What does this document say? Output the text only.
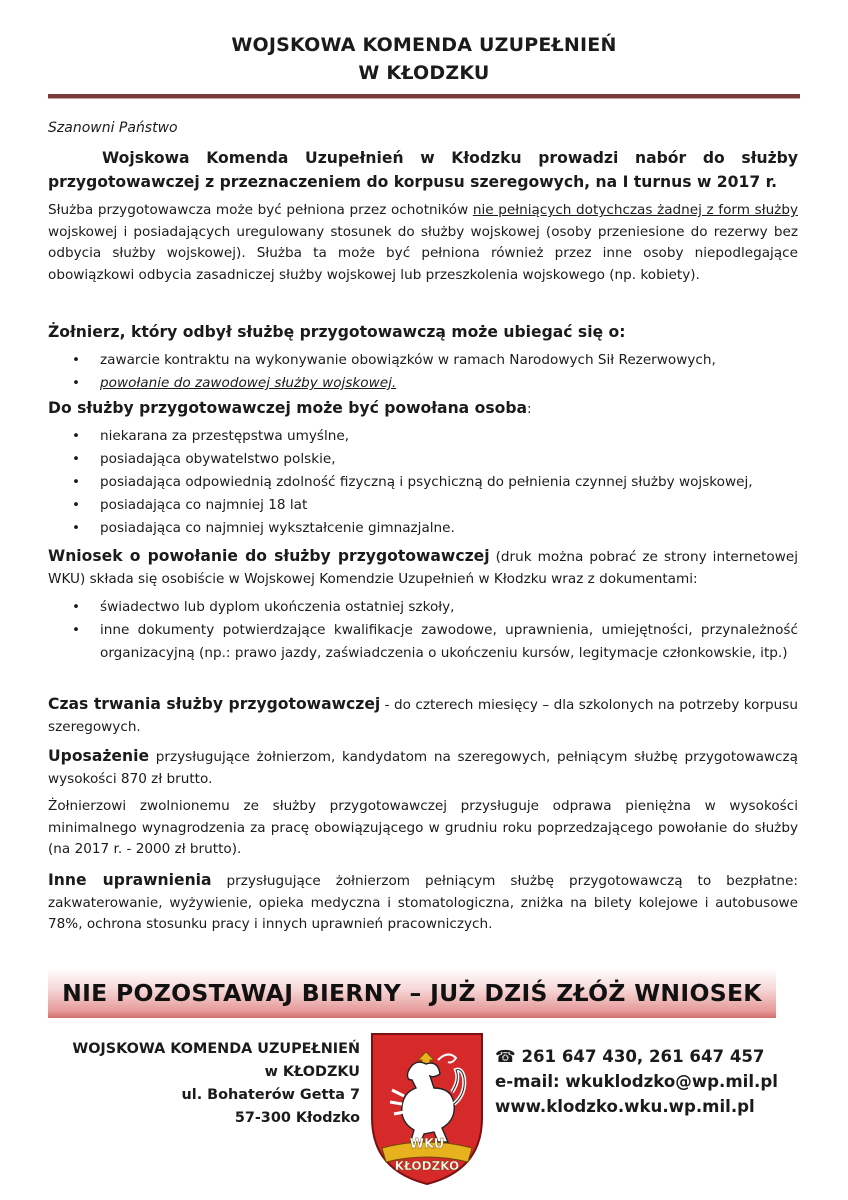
WOJSKOWA KOMENDA UZUPEŁNIEŃ
W KŁODZKU
Szanowni Państwo
Wojskowa Komenda Uzupełnień w Kłodzku prowadzi nabór do służby przygotowawczej z przeznaczeniem do korpusu szeregowych, na I turnus w 2017 r.
Służba przygotowawcza może być pełniona przez ochotników nie pełniących dotychczas żadnej z form służby wojskowej i posiadających uregulowany stosunek do służby wojskowej (osoby przeniesione do rezerwy bez odbycia służby wojskowej). Służba ta może być pełniona również przez inne osoby niepodlegające obowiązkowi odbycia zasadniczej służby wojskowej lub przeszkolenia wojskowego (np. kobiety).
Żołnierz, który odbył służbę przygotowawczą może ubiegać się o:
• zawarcie kontraktu na wykonywanie obowiązków w ramach Narodowych Sił Rezerwowych,
• powołanie do zawodowej służby wojskowej.
Do służby przygotowawczej może być powołana osoba:
• niekarana za przestępstwa umyślne,
• posiadająca obywatelstwo polskie,
• posiadająca odpowiednią zdolność fizyczną i psychiczną do pełnienia czynnej służby wojskowej,
• posiadająca co najmniej 18 lat
• posiadająca co najmniej wykształcenie gimnazjalne.
Wniosek o powołanie do służby przygotowawczej (druk można pobrać ze strony internetowej WKU) składa się osobiście w Wojskowej Komendzie Uzupełnień w Kłodzku wraz z dokumentami:
• świadectwo lub dyplom ukończenia ostatniej szkoły,
• inne dokumenty potwierdzające kwalifikacje zawodowe, uprawnienia, umiejętności, przynależność organizacyjną (np.: prawo jazdy, zaświadczenia o ukończeniu kursów, legitymacje członkowskie, itp.)
Czas trwania służby przygotowawczej - do czterech miesięcy – dla szkolonych na potrzeby korpusu szeregowych.
Uposażenie przysługujące żołnierzom, kandydatom na szeregowych, pełniącym służbę przygotowawczą wysokości 870 zł brutto.
Żołnierzowi zwolnionemu ze służby przygotowawczej przysługuje odprawa pieniężna w wysokości minimalnego wynagrodzenia za pracę obowiązującego w grudniu roku poprzedzającego powołanie do służby (na 2017 r. - 2000 zł brutto).
Inne uprawnienia przysługujące żołnierzom pełniącym służbę przygotowawczą to bezpłatne: zakwaterowanie, wyżywienie, opieka medyczna i stomatologiczna, zniżka na bilety kolejowe i autobusowe 78%, ochrona stosunku pracy i innych uprawnień pracowniczych.
NIE POZOSTAWAJ BIERNY – JUŻ DZIŚ ZŁÓŻ WNIOSEK
WOJSKOWA KOMENDA UZUPEŁNIEŃ
w KŁODZKU
ul. Bohaterów Getta 7
57-300 Kłodzko
WKU
KŁODZKO
☎ 261 647 430, 261 647 457
e-mail: wkuklodzko@wp.mil.pl
www.klodzko.wku.wp.mil.pl
